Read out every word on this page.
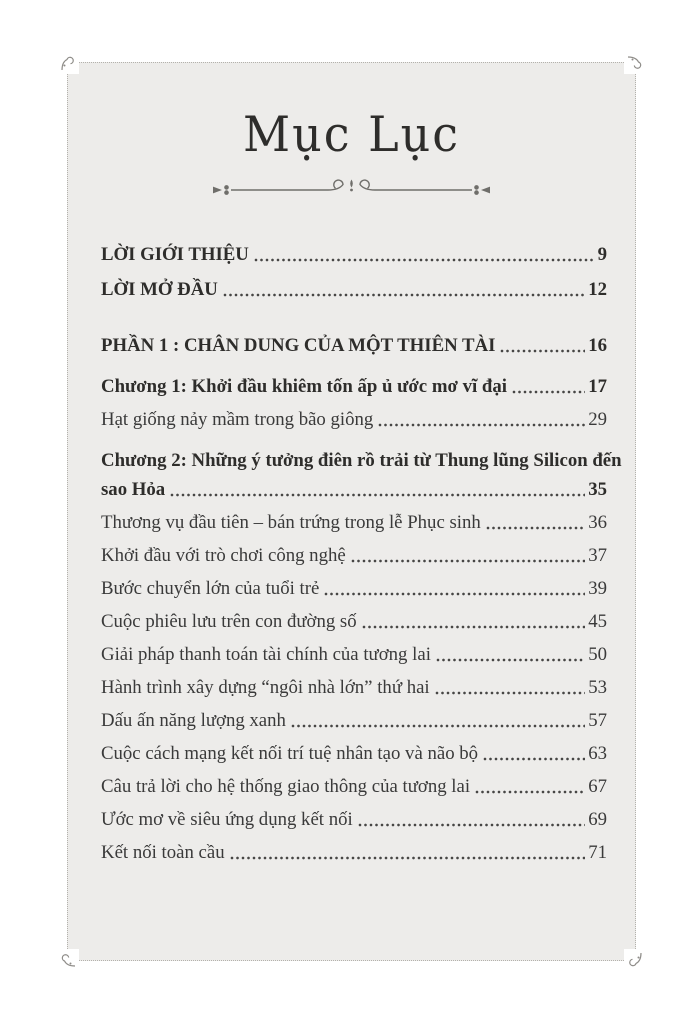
Mục Lục
LỜI GIỚI THIỆU	9
LỜI MỞ ĐẦU	12
PHẦN 1 : CHÂN DUNG CỦA MỘT THIÊN TÀI	16
Chương 1: Khởi đầu khiêm tốn ấp ủ ước mơ vĩ đại	17
Hạt giống nảy mầm trong bão giông	29
Chương 2: Những ý tưởng điên rồ trải từ Thung lũng Silicon đến
sao Hỏa	35
Thương vụ đầu tiên – bán trứng trong lễ Phục sinh	36
Khởi đầu với trò chơi công nghệ	37
Bước chuyển lớn của tuổi trẻ	39
Cuộc phiêu lưu trên con đường số	45
Giải pháp thanh toán tài chính của tương lai	50
Hành trình xây dựng “ngôi nhà lớn” thứ hai	53
Dấu ấn năng lượng xanh	57
Cuộc cách mạng kết nối trí tuệ nhân tạo và não bộ	63
Câu trả lời cho hệ thống giao thông của tương lai	67
Ước mơ về siêu ứng dụng kết nối	69
Kết nối toàn cầu	71
